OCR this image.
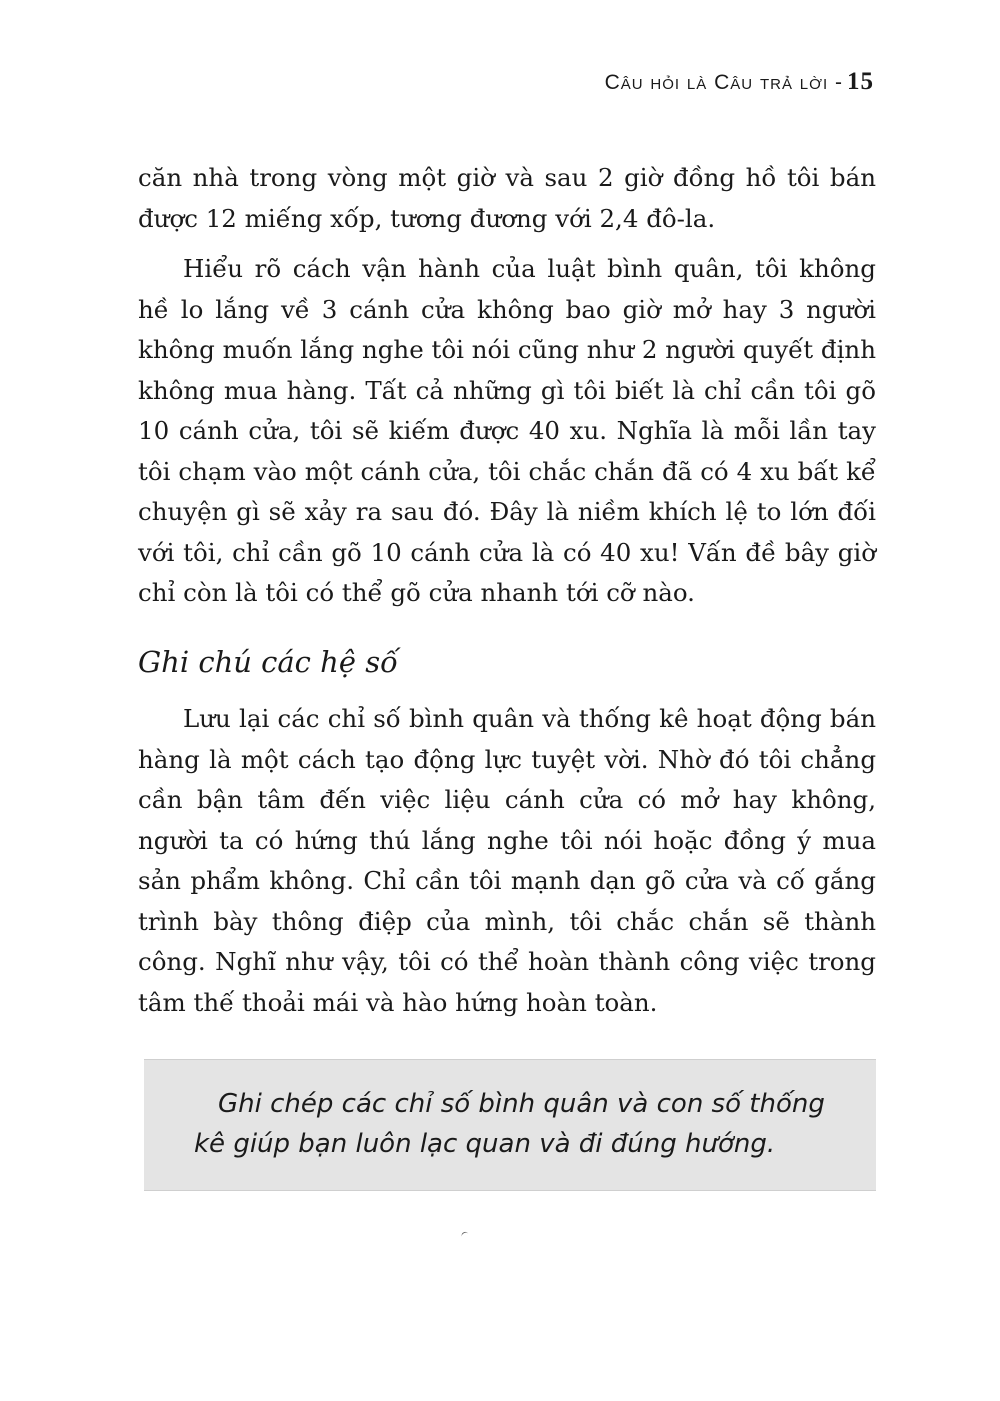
Câu hỏi là Câu trả lời - 15

căn nhà trong vòng một giờ và sau 2 giờ đồng hồ tôi bán được 12 miếng xốp, tương đương với 2,4 đô-la.

Hiểu rõ cách vận hành của luật bình quân, tôi không hề lo lắng về 3 cánh cửa không bao giờ mở hay 3 người không muốn lắng nghe tôi nói cũng như 2 người quyết định không mua hàng. Tất cả những gì tôi biết là chỉ cần tôi gõ 10 cánh cửa, tôi sẽ kiếm được 40 xu. Nghĩa là mỗi lần tay tôi chạm vào một cánh cửa, tôi chắc chắn đã có 4 xu bất kể chuyện gì sẽ xảy ra sau đó. Đây là niềm khích lệ to lớn đối với tôi, chỉ cần gõ 10 cánh cửa là có 40 xu! Vấn đề bây giờ chỉ còn là tôi có thể gõ cửa nhanh tới cỡ nào.

Ghi chú các hệ số

Lưu lại các chỉ số bình quân và thống kê hoạt động bán hàng là một cách tạo động lực tuyệt vời. Nhờ đó tôi chẳng cần bận tâm đến việc liệu cánh cửa có mở hay không, người ta có hứng thú lắng nghe tôi nói hoặc đồng ý mua sản phẩm không. Chỉ cần tôi mạnh dạn gõ cửa và cố gắng trình bày thông điệp của mình, tôi chắc chắn sẽ thành công. Nghĩ như vậy, tôi có thể hoàn thành công việc trong tâm thế thoải mái và hào hứng hoàn toàn.

Ghi chép các chỉ số bình quân và con số thống
kê giúp bạn luôn lạc quan và đi đúng hướng.
